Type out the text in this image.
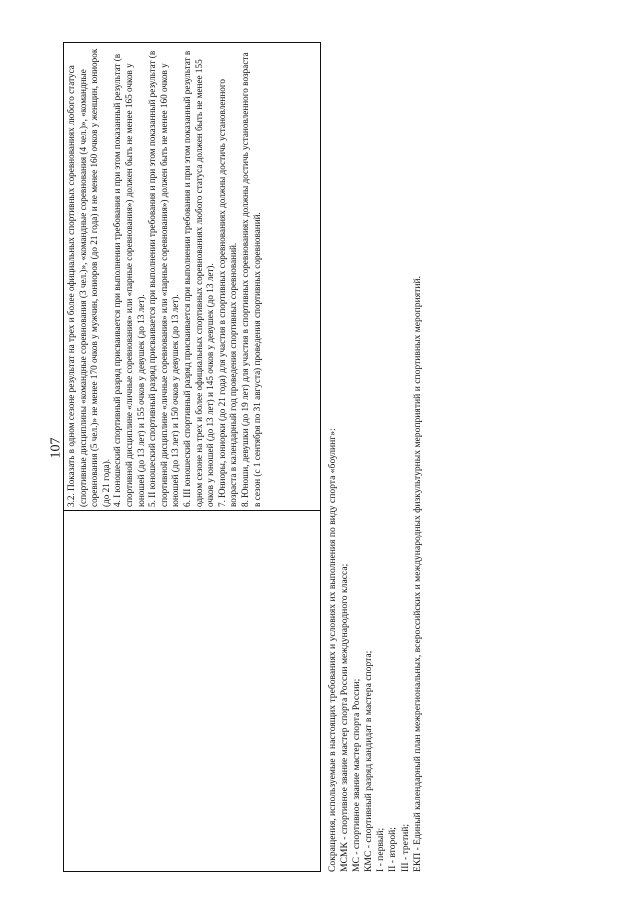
107 3.2. Показать в одном сезоне результат на трех и более официальных спортивных соревнованиях любого статуса (спортивные дисциплины «командные соревнования (3 чел.)», «командные соревнования (4 чел.)», «командные соревнования (5 чел.)» не менее 170 очков у мужчин, юниоров (до 21 года) и не менее 160 очков у женщин, юниорок (до 21 года). 4. I юношеский спортивный разряд присваивается при выполнении требования и при этом показанный результат (в спортивной дисциплине «личные соревнования» или «парные соревнования») должен быть не менее 165 очков у юношей (до 13 лет) и 155 очков у девушек (до 13 лет). 5. II юношеский спортивный разряд присваивается при выполнении требования и при этом показанный результат (в спортивной дисциплине «личные соревнования» или «парные соревнования») должен быть не менее 160 очков у юношей (до 13 лет) и 150 очков у девушек (до 13 лет). 6. III юношеский спортивный разряд присваивается при выполнении требования и при этом показанный результат в одном сезоне на трех и более официальных спортивных соревнованиях любого статуса должен быть не менее 155 очков у юношей (до 13 лет) и 145 очков у девушек (до 13 лет). 7. Юниоры, юниорки (до 21 года) для участия в спортивных соревнованиях должны достичь установленного возраста в календарный год проведения спортивных соревнований. 8. Юноши, девушки (до 19 лет) для участия в спортивных соревнованиях должны достичь установленного возраста в сезон (с 1 сентября по 31 августа) проведения спортивных соревнований.

Сокращения, используемые в настоящих требованиях и условиях их выполнения по виду спорта «боулинг»: МСМК - спортивное звание мастер спорта России международного класса; МС - спортивное звание мастер спорта России; КМС - спортивный разряд кандидат в мастера спорта; I - первый; II - второй; III - третий; ЕКП - Единый календарный план межрегиональных, всероссийских и международных физкультурных мероприятий и спортивных мероприятий.
